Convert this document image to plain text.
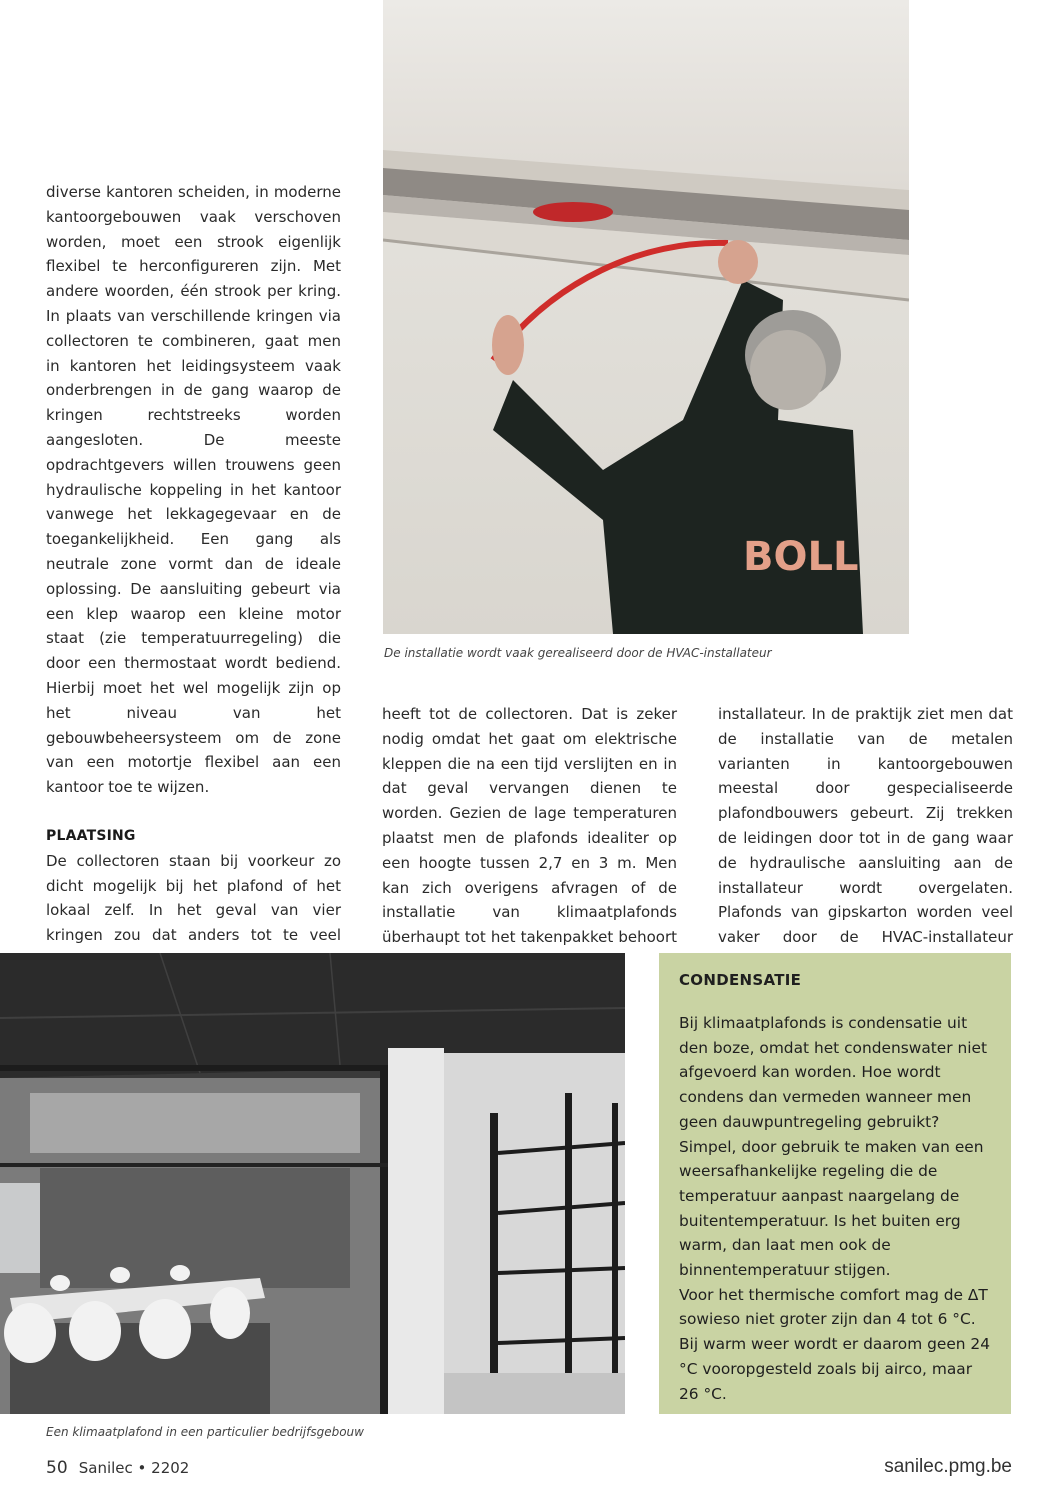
diverse kantoren scheiden, in moderne kantoorgebouwen vaak verschoven worden, moet een strook eigenlijk flexibel te herconfigureren zijn. Met andere woorden, één strook per kring. In plaats van verschillende kringen via collectoren te combineren, gaat men in kantoren het leidingsysteem vaak onderbrengen in de gang waarop de kringen rechtstreeks worden aangesloten. De meeste opdrachtgevers willen trouwens geen hydraulische koppeling in het kantoor vanwege het lekkagegevaar en de toegankelijkheid. Een gang als neutrale zone vormt dan de ideale oplossing. De aansluiting gebeurt via een klep waarop een kleine motor staat (zie temperatuurregeling) die door een thermostaat wordt bediend. Hierbij moet het wel mogelijk zijn op het niveau van het gebouwbeheersysteem om de zone van een motortje flexibel aan een kantoor toe te wijzen.

PLAATSING

De collectoren staan bij voorkeur zo dicht mogelijk bij het plafond of het lokaal zelf. In het geval van vier kringen zou dat anders tot te veel

BOLL
De installatie wordt vaak gerealiseerd door de HVAC-installateur

heeft tot de collectoren. Dat is zeker nodig omdat het gaat om elektrische kleppen die na een tijd verslijten en in dat geval vervangen dienen te worden. Gezien de lage temperaturen plaatst men de plafonds idealiter op een hoogte tussen 2,7 en 3 m. Men kan zich overigens afvragen of de installatie van klimaatplafonds überhaupt tot het takenpakket behoort

installateur. In de praktijk ziet men dat de installatie van de metalen varianten in kantoorgebouwen meestal door gespecialiseerde plafondbouwers gebeurt. Zij trekken de leidingen door tot in de gang waar de hydraulische aansluiting aan de installateur wordt overgelaten. Plafonds van gipskarton worden veel vaker door de HVAC-installateur

Een klimaatplafond in een particulier bedrijfsgebouw

CONDENSATIE

Bij klimaatplafonds is condensatie uit den boze, omdat het condenswater niet afgevoerd kan worden. Hoe wordt condens dan vermeden wanneer men geen dauwpuntregeling gebruikt? Simpel, door gebruik te maken van een weersafhankelijke regeling die de temperatuur aanpast naargelang de buitentemperatuur. Is het buiten erg warm, dan laat men ook de binnentemperatuur stijgen.
Voor het thermische comfort mag de ΔT sowieso niet groter zijn dan 4 tot 6 °C. Bij warm weer wordt er daarom geen 24 °C vooropgesteld zoals bij airco, maar 26 °C.

50 Sanilec • 2202	sanilec.pmg.be
